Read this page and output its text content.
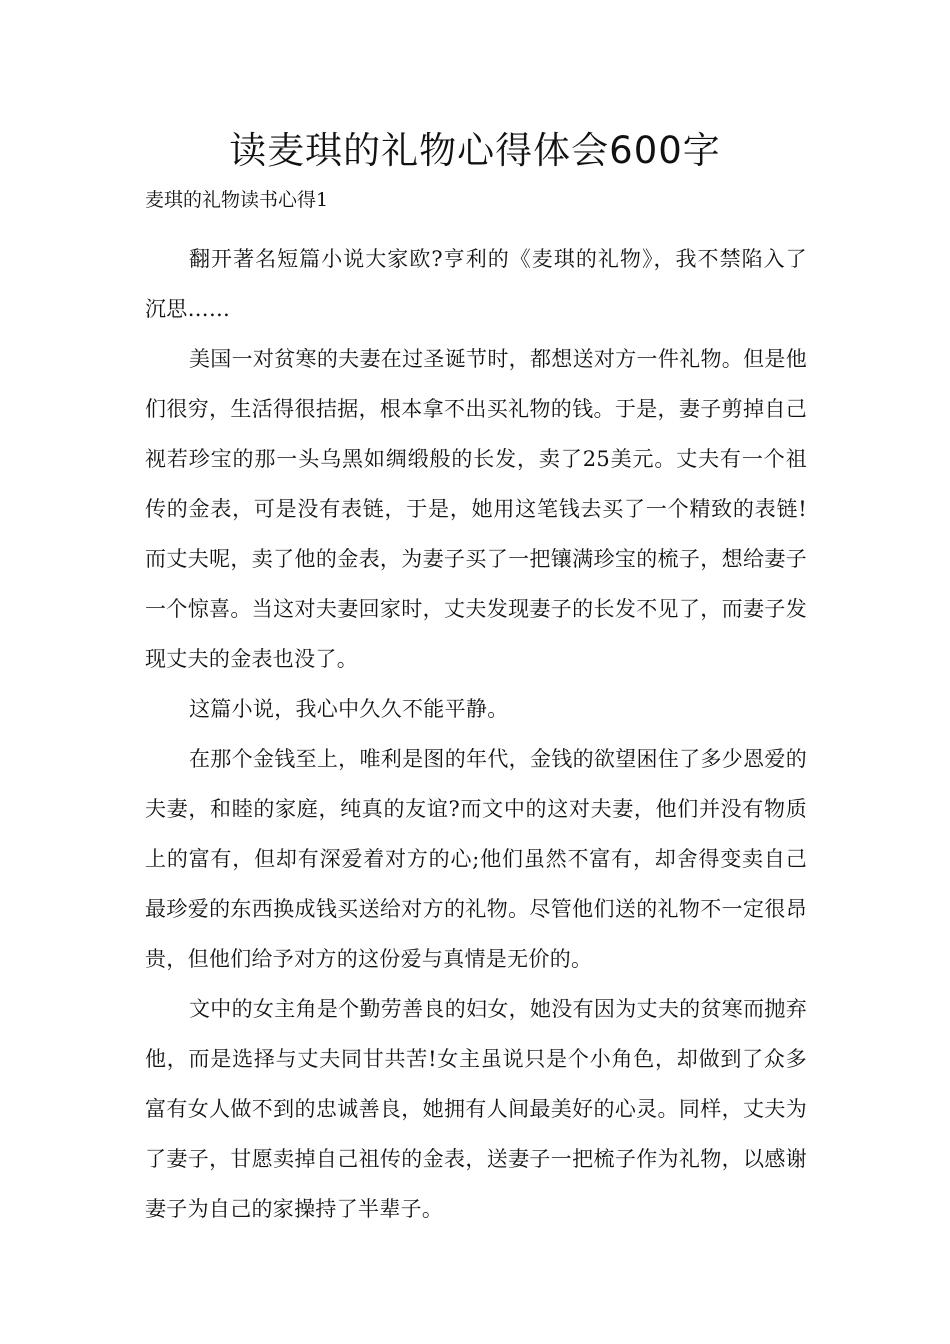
读麦琪的礼物心得体会600字
麦琪的礼物读书心得1

翻开著名短篇小说大家欧?亨利的《麦琪的礼物》，我不禁陷入了沉思……

美国一对贫寒的夫妻在过圣诞节时，都想送对方一件礼物。但是他们很穷，生活得很拮据，根本拿不出买礼物的钱。于是，妻子剪掉自己视若珍宝的那一头乌黑如绸缎般的长发，卖了25美元。丈夫有一个祖传的金表，可是没有表链，于是，她用这笔钱去买了一个精致的表链!而丈夫呢，卖了他的金表，为妻子买了一把镶满珍宝的梳子，想给妻子一个惊喜。当这对夫妻回家时，丈夫发现妻子的长发不见了，而妻子发现丈夫的金表也没了。

这篇小说，我心中久久不能平静。

在那个金钱至上，唯利是图的年代，金钱的欲望困住了多少恩爱的夫妻，和睦的家庭，纯真的友谊?而文中的这对夫妻，他们并没有物质上的富有，但却有深爱着对方的心;他们虽然不富有，却舍得变卖自己最珍爱的东西换成钱买送给对方的礼物。尽管他们送的礼物不一定很昂贵，但他们给予对方的这份爱与真情是无价的。

文中的女主角是个勤劳善良的妇女，她没有因为丈夫的贫寒而抛弃他，而是选择与丈夫同甘共苦!女主虽说只是个小角色，却做到了众多富有女人做不到的忠诚善良，她拥有人间最美好的心灵。同样，丈夫为了妻子，甘愿卖掉自己祖传的金表，送妻子一把梳子作为礼物，以感谢妻子为自己的家操持了半辈子。
